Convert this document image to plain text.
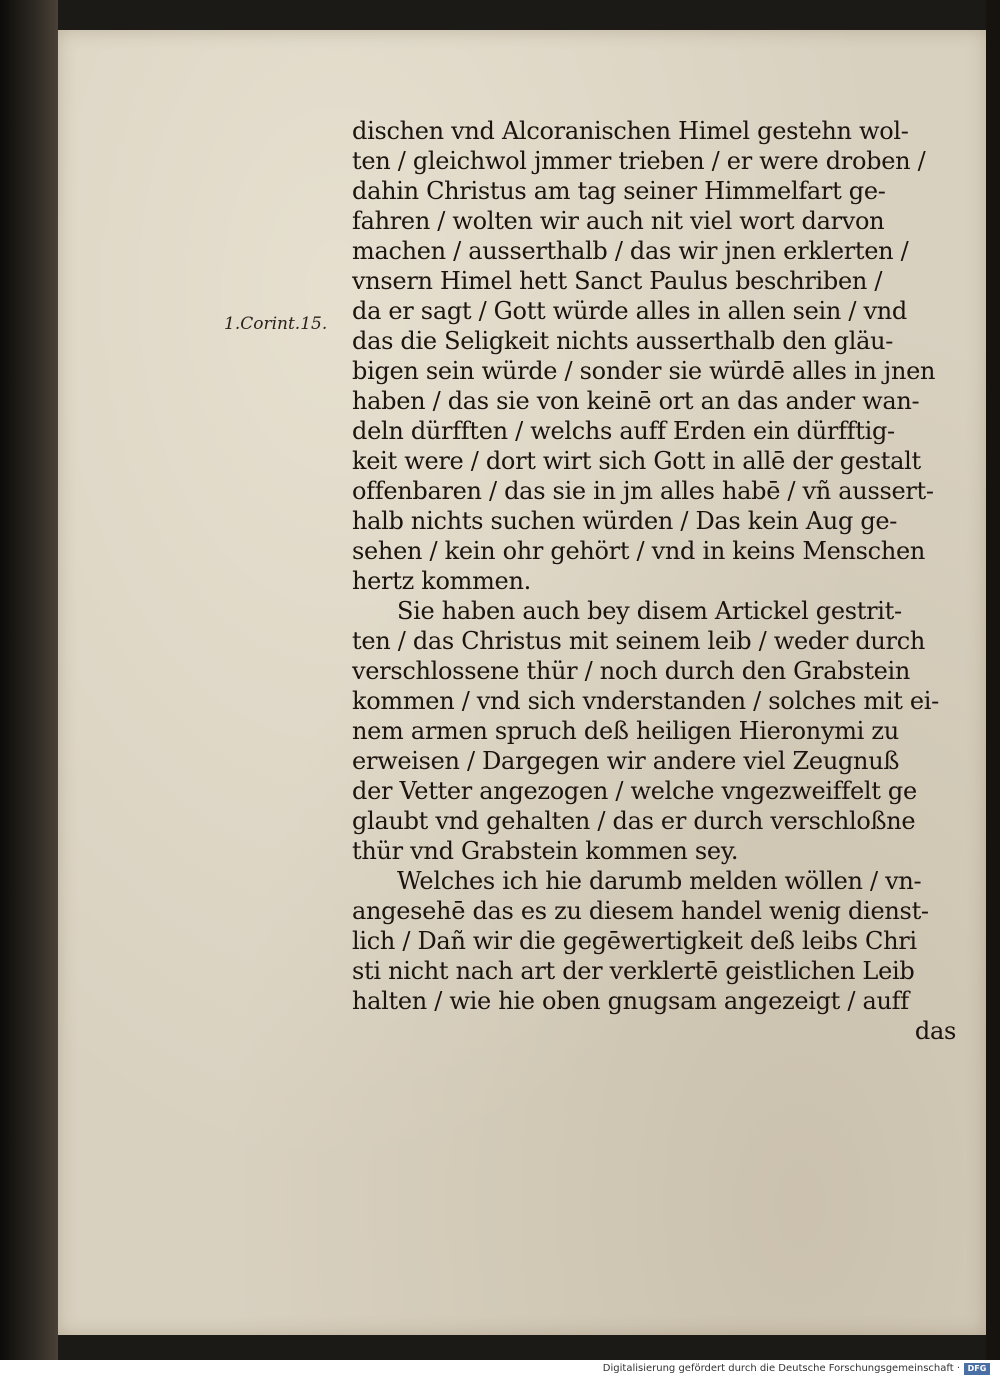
1.Corint.15.
dischen vnd Alcoranischen Himel gestehn wol-
ten / gleichwol jmmer trieben / er were droben /
dahin Christus am tag seiner Himmelfart ge-
fahren / wolten wir auch nit viel wort darvon
machen / ausserthalb / das wir jnen erklerten /
vnsern Himel hett Sanct Paulus beschriben /
da er sagt / Gott würde alles in allen sein / vnd
das die Seligkeit nichts ausserthalb den gläu-
bigen sein würde / sonder sie würdē alles in jnen
haben / das sie von keinē ort an das ander wan-
deln dürfften / welchs auff Erden ein dürfftig-
keit were / dort wirt sich Gott in allē der gestalt
offenbaren / das sie in jm alles habē / vñ aussert-
halb nichts suchen würden / Das kein Aug ge-
sehen / kein ohr gehört / vnd in keins Menschen
hertz kommen.
Sie haben auch bey disem Artickel gestrit-
ten / das Christus mit seinem leib / weder durch
verschlossene thür / noch durch den Grabstein
kommen / vnd sich vnderstanden / solches mit ei-
nem armen spruch deß heiligen Hieronymi zu
erweisen / Dargegen wir andere viel Zeugnuß
der Vetter angezogen / welche vngezweiffelt ge
glaubt vnd gehalten / das er durch verschloßne
thür vnd Grabstein kommen sey.
Welches ich hie darumb melden wöllen / vn-
angesehē das es zu diesem handel wenig dienst-
lich / Dañ wir die gegēwertigkeit deß leibs Chri
sti nicht nach art der verklertē geistlichen Leib
halten / wie hie oben gnugsam angezeigt / auff
das
Digitalisierung gefördert durch die Deutsche Forschungsgemeinschaft · DFG
